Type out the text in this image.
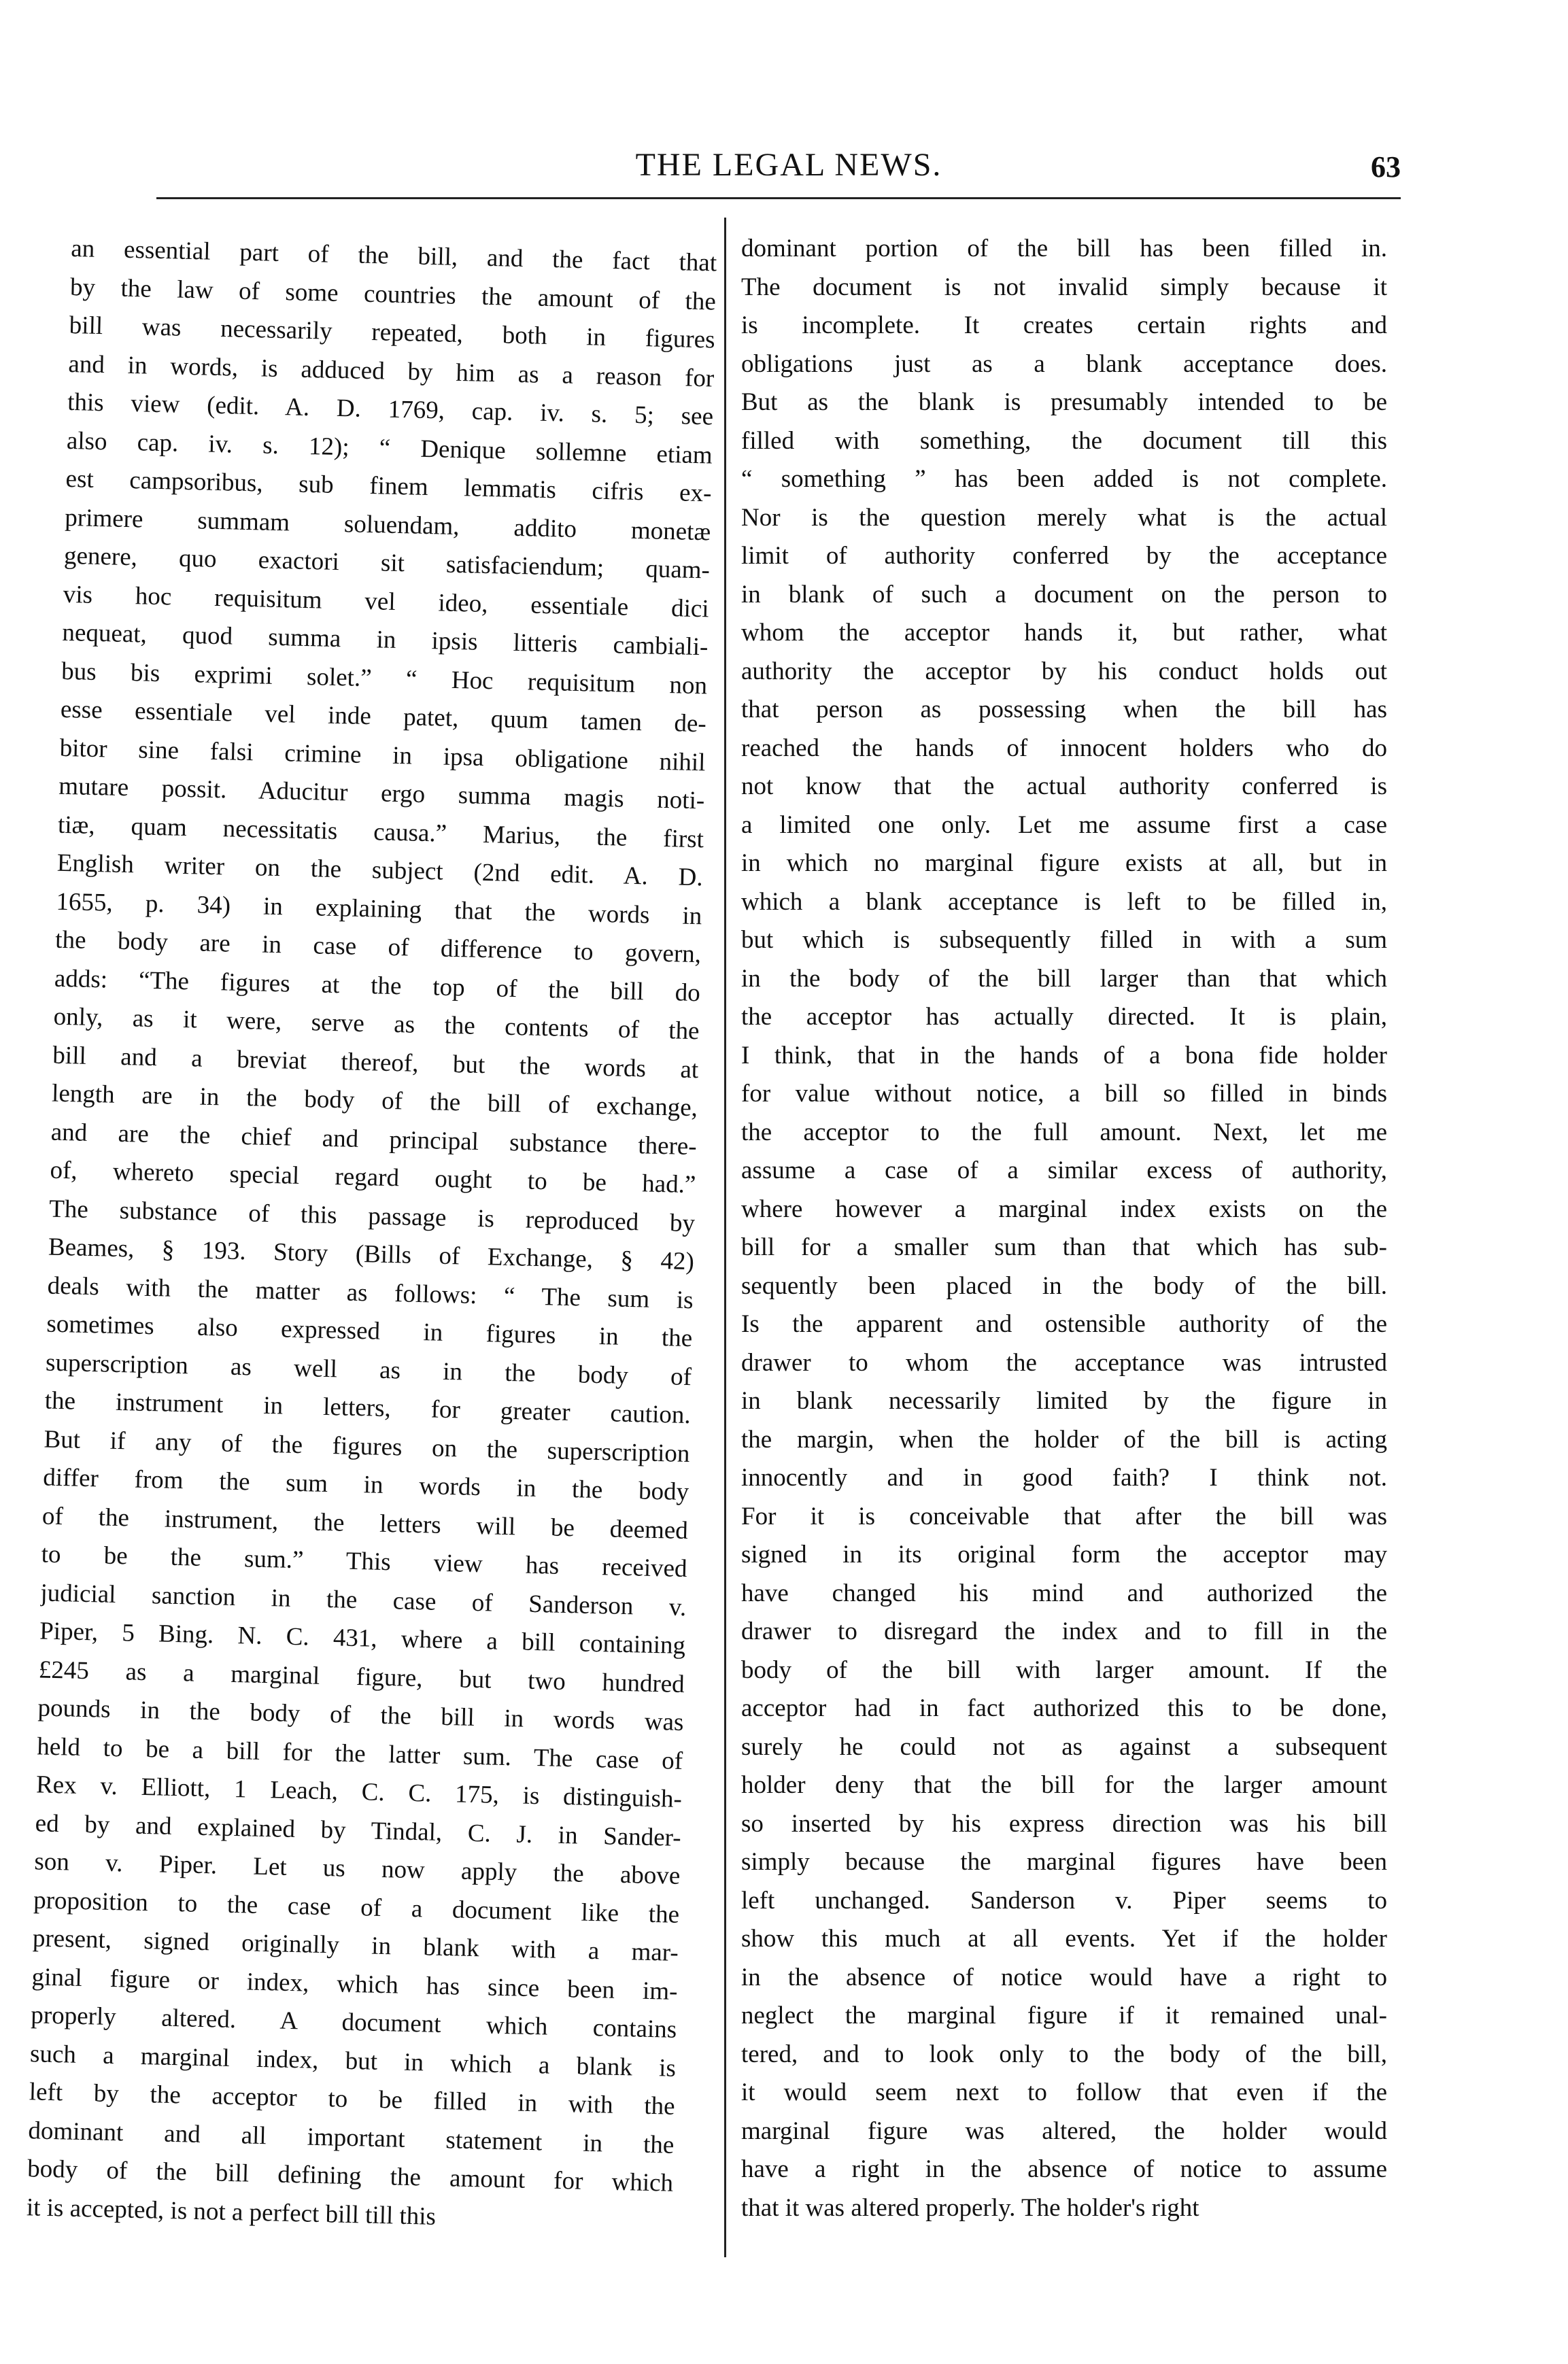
THE LEGAL NEWS.	63
an essential part of the bill, and the fact that
by the law of some countries the amount of the
bill was necessarily repeated, both in figures
and in words, is adduced by him as a reason for
this view (edit. A. D. 1769, cap. iv. s. 5; see
also cap. iv. s. 12); “ Denique sollemne etiam
est campsoribus, sub finem lemmatis cifris ex-
primere summam soluendam, addito monetæ
genere, quo exactori sit satisfaciendum; quam-
vis hoc requisitum vel ideo, essentiale dici
nequeat, quod summa in ipsis litteris cambiali-
bus bis exprimi solet.” “ Hoc requisitum non
esse essentiale vel inde patet, quum tamen de-
bitor sine falsi crimine in ipsa obligatione nihil
mutare possit. Aducitur ergo summa magis noti-
tiæ, quam necessitatis causa.” Marius, the first
English writer on the subject (2nd edit. A. D.
1655, p. 34) in explaining that the words in
the body are in case of difference to govern,
adds: “The figures at the top of the bill do
only, as it were, serve as the contents of the
bill and a breviat thereof, but the words at
length are in the body of the bill of exchange,
and are the chief and principal substance there-
of, whereto special regard ought to be had.”
The substance of this passage is reproduced by
Beames, § 193. Story (Bills of Exchange, § 42)
deals with the matter as follows: “ The sum is
sometimes also expressed in figures in the
superscription as well as in the body of
the instrument in letters, for greater caution.
But if any of the figures on the superscription
differ from the sum in words in the body
of the instrument, the letters will be deemed
to be the sum.” This view has received
judicial sanction in the case of Sanderson v.
Piper, 5 Bing. N. C. 431, where a bill containing
£245 as a marginal figure, but two hundred
pounds in the body of the bill in words was
held to be a bill for the latter sum. The case of
Rex v. Elliott, 1 Leach, C. C. 175, is distinguish-
ed by and explained by Tindal, C. J. in Sander-
son v. Piper. Let us now apply the above
proposition to the case of a document like the
present, signed originally in blank with a mar-
ginal figure or index, which has since been im-
properly altered. A document which contains
such a marginal index, but in which a blank is
left by the acceptor to be filled in with the
dominant and all important statement in the
body of the bill defining the amount for which
it is accepted, is not a perfect bill till this
dominant portion of the bill has been filled in.
The document is not invalid simply because it
is incomplete. It creates certain rights and
obligations just as a blank acceptance does.
But as the blank is presumably intended to be
filled with something, the document till this
“ something ” has been added is not complete.
Nor is the question merely what is the actual
limit of authority conferred by the acceptance
in blank of such a document on the person to
whom the acceptor hands it, but rather, what
authority the acceptor by his conduct holds out
that person as possessing when the bill has
reached the hands of innocent holders who do
not know that the actual authority conferred is
a limited one only. Let me assume first a case
in which no marginal figure exists at all, but in
which a blank acceptance is left to be filled in,
but which is subsequently filled in with a sum
in the body of the bill larger than that which
the acceptor has actually directed. It is plain,
I think, that in the hands of a bona fide holder
for value without notice, a bill so filled in binds
the acceptor to the full amount. Next, let me
assume a case of a similar excess of authority,
where however a marginal index exists on the
bill for a smaller sum than that which has sub-
sequently been placed in the body of the bill.
Is the apparent and ostensible authority of the
drawer to whom the acceptance was intrusted
in blank necessarily limited by the figure in
the margin, when the holder of the bill is acting
innocently and in good faith? I think not.
For it is conceivable that after the bill was
signed in its original form the acceptor may
have changed his mind and authorized the
drawer to disregard the index and to fill in the
body of the bill with larger amount. If the
acceptor had in fact authorized this to be done,
surely he could not as against a subsequent
holder deny that the bill for the larger amount
so inserted by his express direction was his bill
simply because the marginal figures have been
left unchanged. Sanderson v. Piper seems to
show this much at all events. Yet if the holder
in the absence of notice would have a right to
neglect the marginal figure if it remained unal-
tered, and to look only to the body of the bill,
it would seem next to follow that even if the
marginal figure was altered, the holder would
have a right in the absence of notice to assume
that it was altered properly. The holder's right
